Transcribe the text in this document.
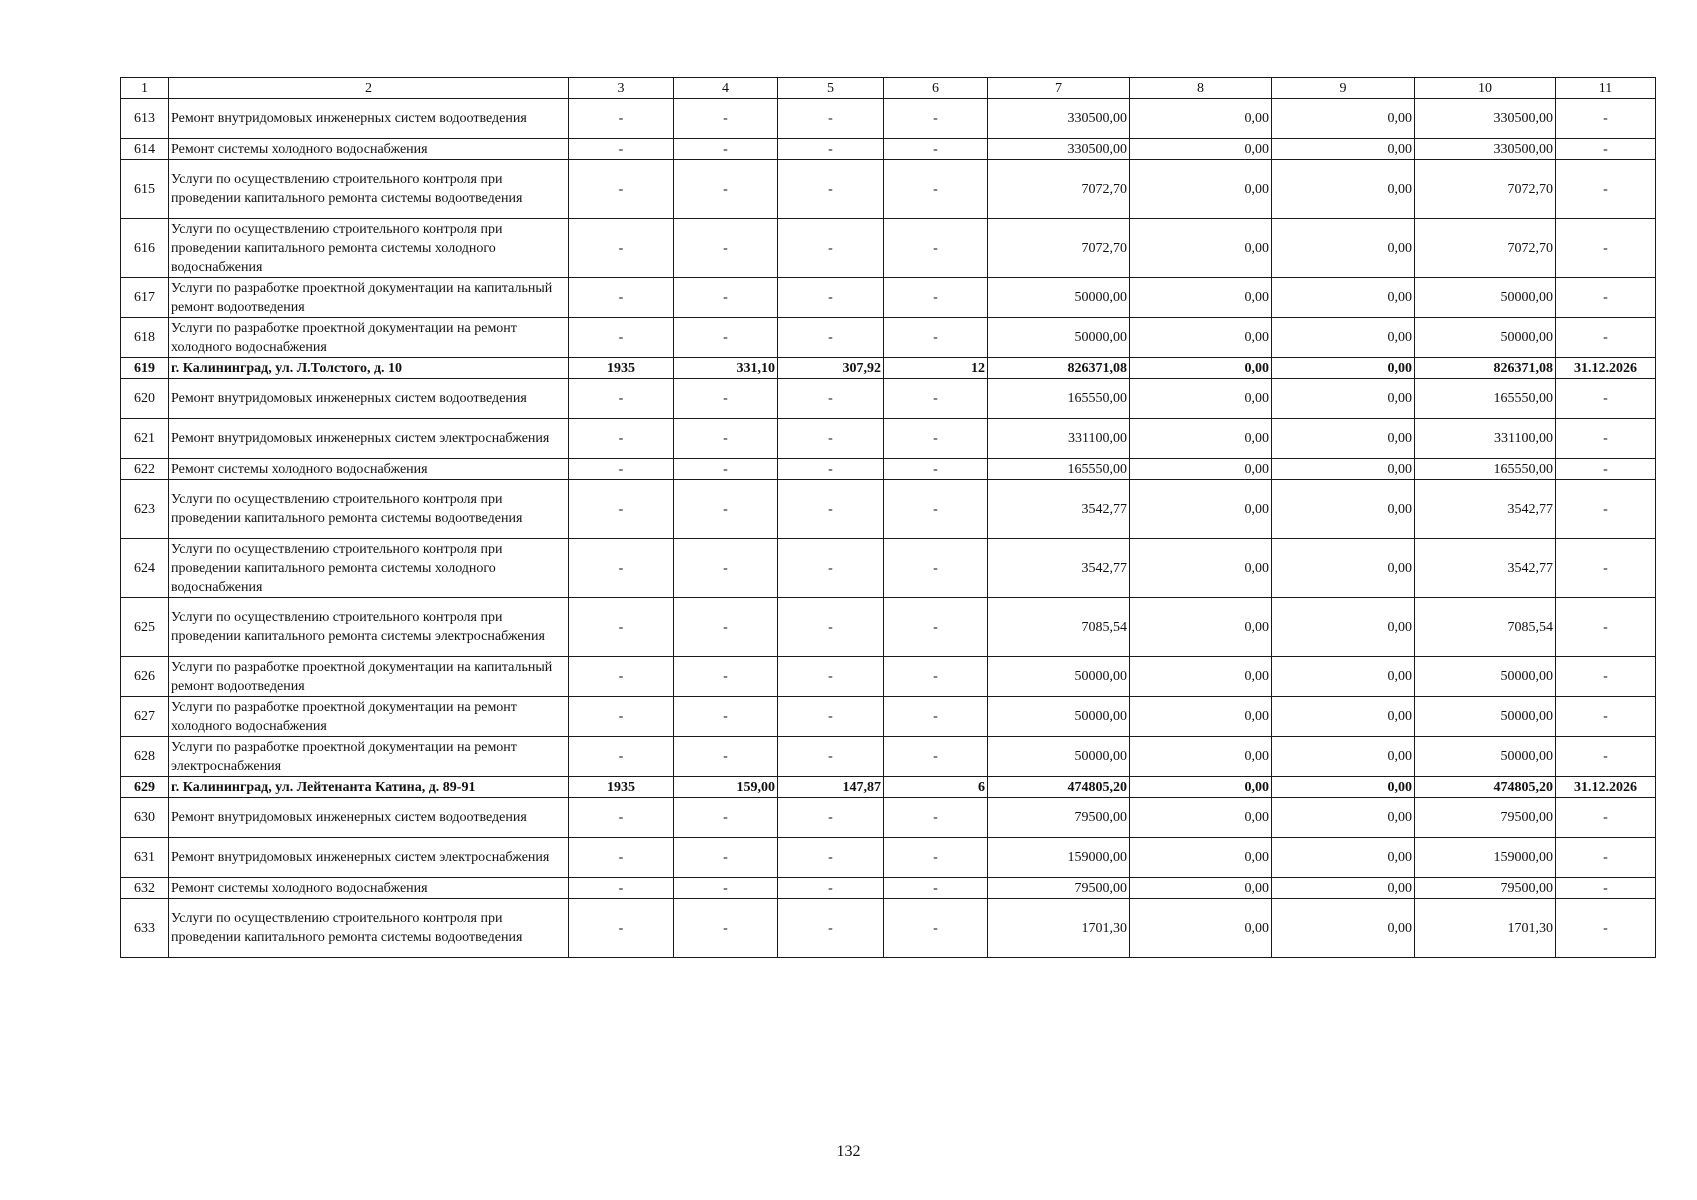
1	2	3	4	5	6	7	8	9	10	11
613	Ремонт внутридомовых инженерных систем водоотведения	-	-	-	-	330500,00	0,00	0,00	330500,00	-
614	Ремонт системы холодного водоснабжения	-	-	-	-	330500,00	0,00	0,00	330500,00	-
615	Услуги по осуществлению строительного контроля при проведении капитального ремонта системы водоотведения	-	-	-	-	7072,70	0,00	0,00	7072,70	-
616	Услуги по осуществлению строительного контроля при проведении капитального ремонта системы холодного водоснабжения	-	-	-	-	7072,70	0,00	0,00	7072,70	-
617	Услуги по разработке проектной документации на капитальный ремонт водоотведения	-	-	-	-	50000,00	0,00	0,00	50000,00	-
618	Услуги по разработке проектной документации на ремонт холодного водоснабжения	-	-	-	-	50000,00	0,00	0,00	50000,00	-
619	г. Калининград, ул. Л.Толстого, д. 10	1935	331,10	307,92	12	826371,08	0,00	0,00	826371,08	31.12.2026
620	Ремонт внутридомовых инженерных систем водоотведения	-	-	-	-	165550,00	0,00	0,00	165550,00	-
621	Ремонт внутридомовых инженерных систем электроснабжения	-	-	-	-	331100,00	0,00	0,00	331100,00	-
622	Ремонт системы холодного водоснабжения	-	-	-	-	165550,00	0,00	0,00	165550,00	-
623	Услуги по осуществлению строительного контроля при проведении капитального ремонта системы водоотведения	-	-	-	-	3542,77	0,00	0,00	3542,77	-
624	Услуги по осуществлению строительного контроля при проведении капитального ремонта системы холодного водоснабжения	-	-	-	-	3542,77	0,00	0,00	3542,77	-
625	Услуги по осуществлению строительного контроля при проведении капитального ремонта системы электроснабжения	-	-	-	-	7085,54	0,00	0,00	7085,54	-
626	Услуги по разработке проектной документации на капитальный ремонт водоотведения	-	-	-	-	50000,00	0,00	0,00	50000,00	-
627	Услуги по разработке проектной документации на ремонт холодного водоснабжения	-	-	-	-	50000,00	0,00	0,00	50000,00	-
628	Услуги по разработке проектной документации на ремонт электроснабжения	-	-	-	-	50000,00	0,00	0,00	50000,00	-
629	г. Калининград, ул. Лейтенанта Катина, д. 89-91	1935	159,00	147,87	6	474805,20	0,00	0,00	474805,20	31.12.2026
630	Ремонт внутридомовых инженерных систем водоотведения	-	-	-	-	79500,00	0,00	0,00	79500,00	-
631	Ремонт внутридомовых инженерных систем электроснабжения	-	-	-	-	159000,00	0,00	0,00	159000,00	-
632	Ремонт системы холодного водоснабжения	-	-	-	-	79500,00	0,00	0,00	79500,00	-
633	Услуги по осуществлению строительного контроля при проведении капитального ремонта системы водоотведения	-	-	-	-	1701,30	0,00	0,00	1701,30	-
132
